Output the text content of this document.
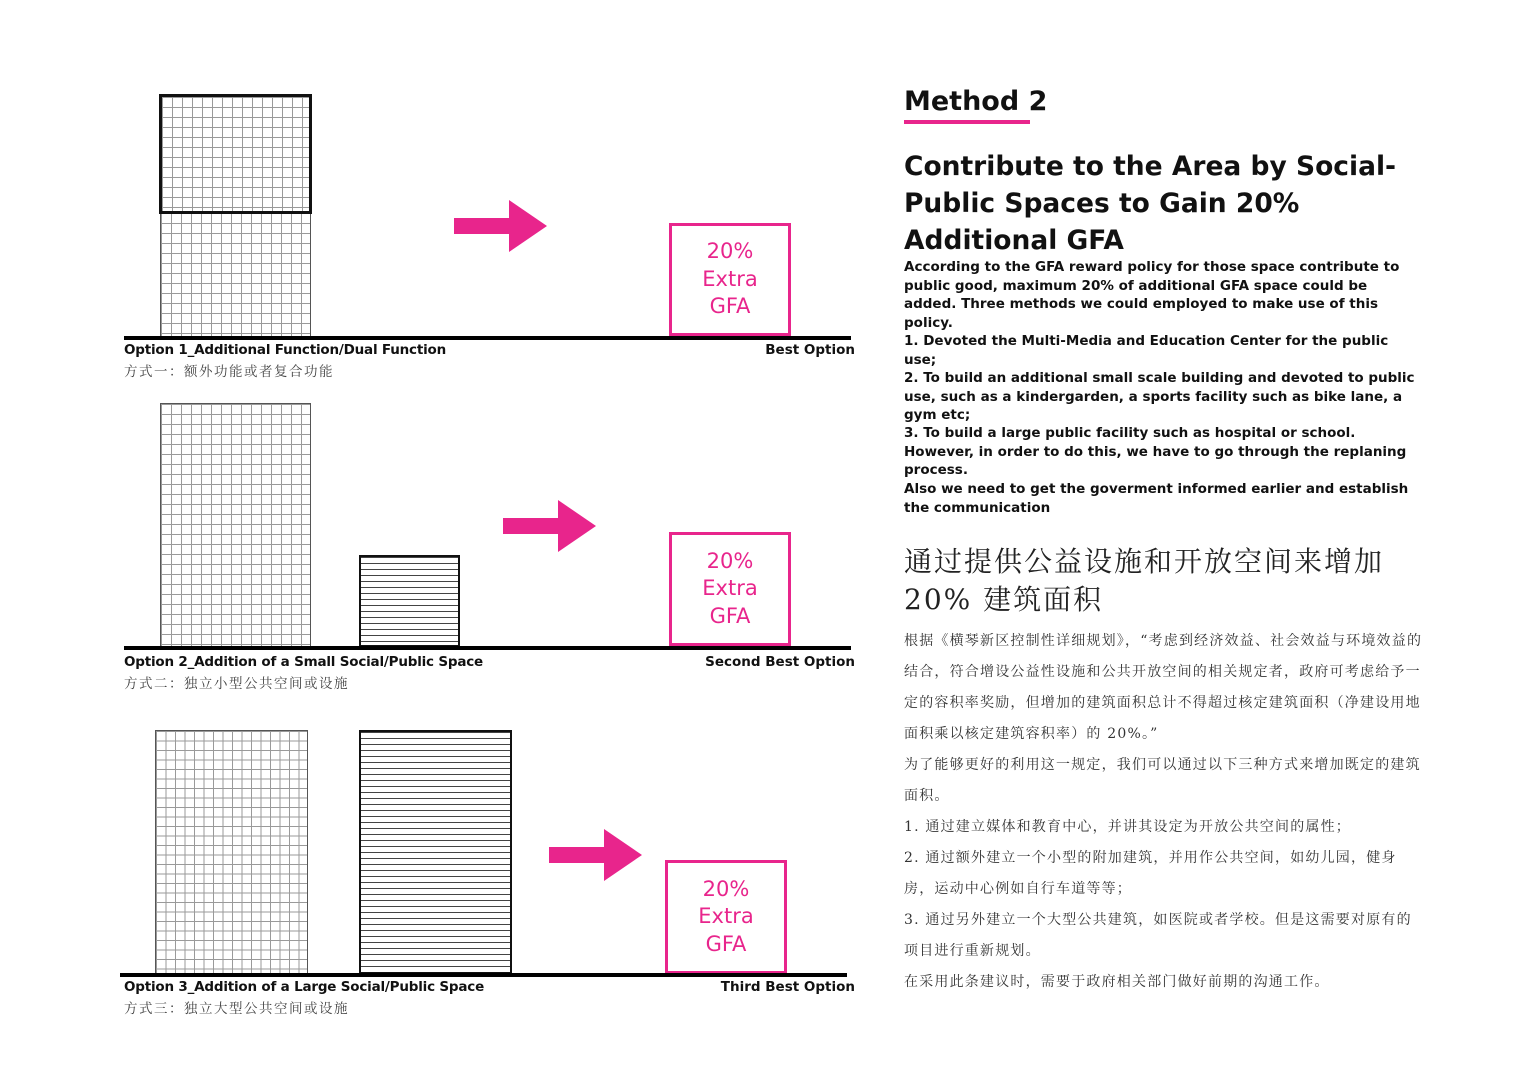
20%
Extra
GFA
Option 1_Additional Function/Dual Function	Best Option
方式一：额外功能或者复合功能
20%
Extra
GFA
Option 2_Addition of a Small Social/Public Space	Second Best Option
方式二：独立小型公共空间或设施
20%
Extra
GFA
Option 3_Addition of a Large Social/Public Space	Third Best Option
方式三：独立大型公共空间或设施
Method 2
Contribute to the Area by Social-
Public Spaces to Gain 20%
Additional GFA
According to the GFA reward policy for those space contribute to public good, maximum 20% of additional GFA space could be added. Three methods we could employed to make use of this policy.
1. Devoted the Multi-Media and Education Center for the public use;
2. To build an additional small scale building and devoted to public use, such as a kindergarden, a sports facility such as bike lane, a gym etc;
3. To build a large public facility such as hospital or school. However, in order to do this, we have to go through the replaning process.
Also we need to get the goverment informed earlier and establish the communication
通过提供公益设施和开放空间来增加
20% 建筑面积
根据《横琴新区控制性详细规划》，“考虑到经济效益、社会效益与环境效益的结合，符合增设公益性设施和公共开放空间的相关规定者，政府可考虑给予一定的容积率奖励，但增加的建筑面积总计不得超过核定建筑面积（净建设用地面积乘以核定建筑容积率）的 20%。”
为了能够更好的利用这一规定，我们可以通过以下三种方式来增加既定的建筑面积。
1. 通过建立媒体和教育中心，并讲其设定为开放公共空间的属性；
2. 通过额外建立一个小型的附加建筑，并用作公共空间，如幼儿园，健身房，运动中心例如自行车道等等；
3. 通过另外建立一个大型公共建筑，如医院或者学校。但是这需要对原有的项目进行重新规划。
在采用此条建议时，需要于政府相关部门做好前期的沟通工作。
